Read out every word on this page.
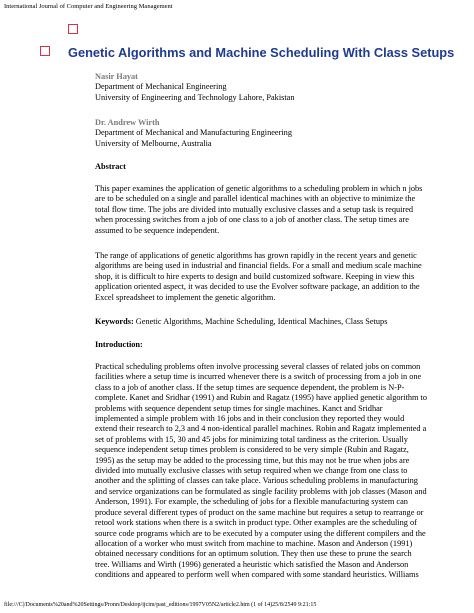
International Journal of Computer and Engineering Management
Genetic Algorithms and Machine Scheduling With Class Setups
Nasir Hayat
Department of Mechanical Engineering
University of Engineering and Technology Lahore, Pakistan
Dr. Andrew Wirth
Department of Mechanical and Manufacturing Engineering
University of Melbourne, Australia
Abstract
This paper examines the application of genetic algorithms to a scheduling problem in which n jobs
are to be scheduled on a single and parallel identical machines with an objective to minimize the
total flow time. The jobs are divided into mutually exclusive classes and a setup task is required
when processing switches from a job of one class to a job of another class. The setup times are
assumed to be sequence independent.
The range of applications of genetic algorithms has grown rapidly in the recent years and genetic
algorithms are being used in industrial and financial fields. For a small and medium scale machine
shop, it is difficult to hire experts to design and build customized software. Keeping in view this
application oriented aspect, it was decided to use the Evolver software package, an addition to the
Excel spreadsheet to implement the genetic algorithm.
Keywords: Genetic Algorithms, Machine Scheduling, Identical Machines, Class Setups
Introduction:
Practical scheduling problems often involve processing several classes of related jobs on common
facilities where a setup time is incurred whenever there is a switch of processing from a job in one
class to a job of another class. If the setup times are sequence dependent, the problem is N-P-
complete. Kanet and Sridhar (1991) and Rubin and Ragatz (1995) have applied genetic algorithm to
problems with sequence dependent setup times for single machines. Kanct and Sridhar
implemented a simple problem with 16 jobs and in their conclusion they reported they would
extend their research to 2,3 and 4 non-identical parallel machines. Robin and Ragatz implemented a
set of problems with 15, 30 and 45 jobs for minimizing total tardiness as the criterion. Usually
sequence independent setup times problem is considered to be very simple (Rubin and Ragatz,
1995) as the setup may be added to the processing time, but this may not be true when jobs are
divided into mutually exclusive classes with setup required when we change from one class to
another and the splitting of classes can take place. Various scheduling problems in manufacturing
and service organizations can be formulated as single facility problems with job classes (Mason and
Anderson, 1991). For example, the scheduling of jobs for a flexible manufacturing system can
produce several different types of product on the same machine but requires a setup to rearrange or
retool work stations when there is a switch in product type. Other examples are the scheduling of
source code programs which are to be executed by a computer using the different compilers and the
allocation of a worker who must switch from machine to machine. Mason and Anderson (1991)
obtained necessary conditions for an optimum solution. They then use these to prune the search
tree. Williams and Wirth (1996) generated a heuristic which satisfied the Mason and Anderson
conditions and appeared to perform well when compared with some standard heuristics. Williams
file:///C|/Documents%20and%20Settings/Pronn/Desktop/ijcim/past_editions/1997V05N2/article2.htm (1 of 14)25/8/2549 9:21:15
